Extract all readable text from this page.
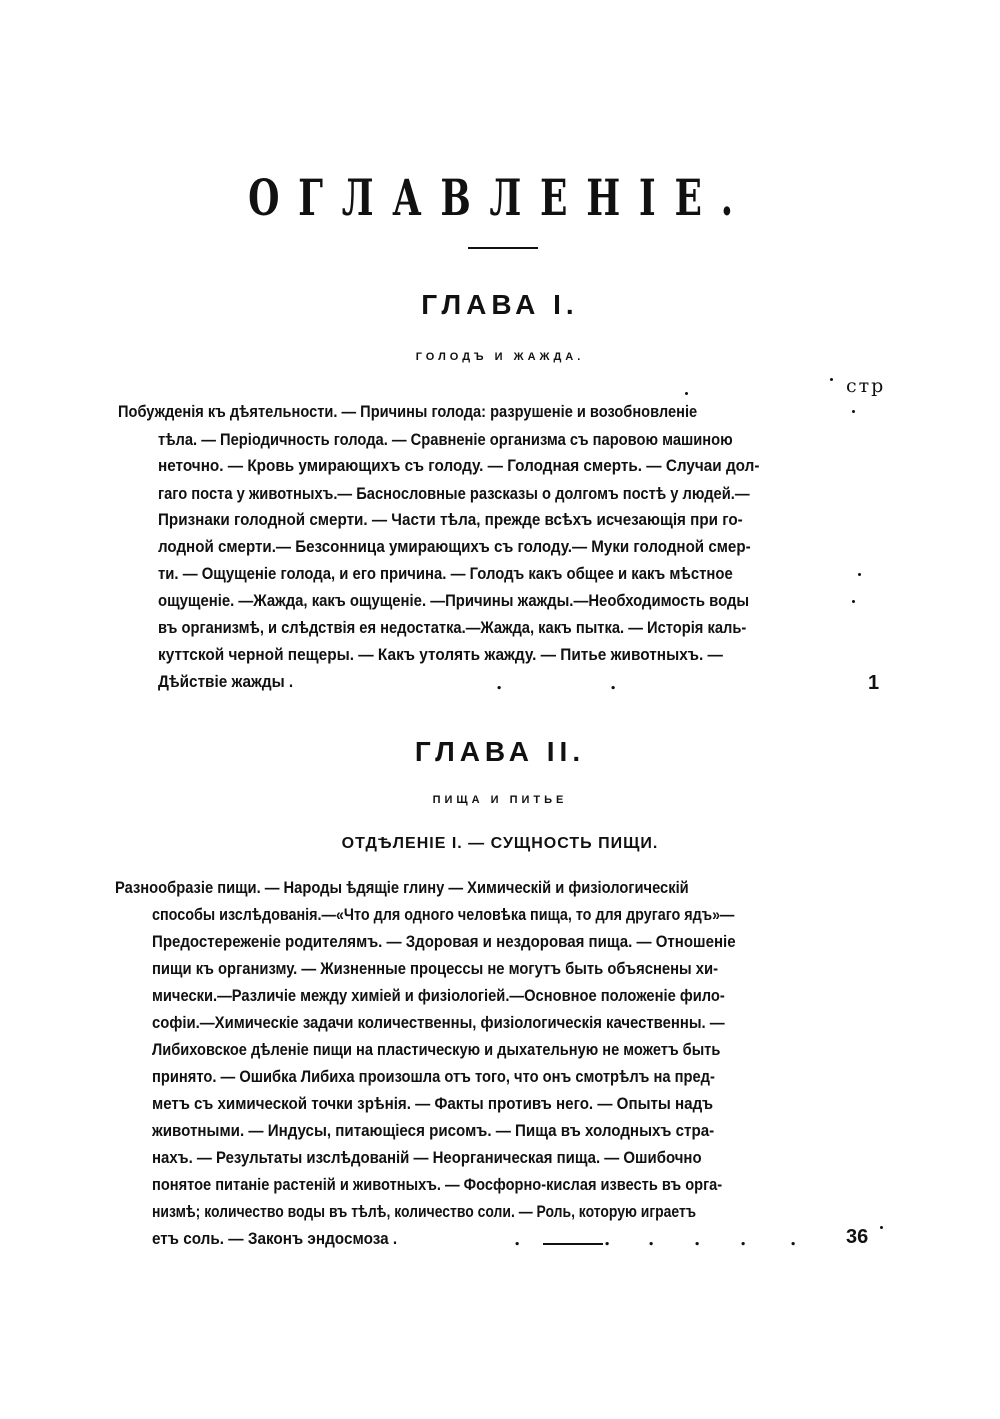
ОГЛАВЛЕНІЕ.
ГЛАВА I.
ГОЛОДЪ И ЖАЖДА.
стр
Побужденія къ дѣятельности. — Причины голода: разрушеніе и возобновленіе
тѣла. — Періодичность голода. — Сравненіе организма съ паровою машиною
неточно. — Кровь умирающихъ съ голоду. — Голодная смерть. — Случаи дол-
гаго поста у животныхъ.— Баснословные разсказы о долгомъ постѣ у людей.—
Признаки голодной смерти. — Части тѣла, прежде всѣхъ исчезающія при го-
лодной смерти.— Безсонница умирающихъ съ голоду.— Муки голодной смер-
ти. — Ощущеніе голода, и его причина. — Голодъ какъ общее и какъ мѣстное
ощущеніе. —Жажда, какъ ощущеніе. —Причины жажды.—Необходимость воды
въ организмѣ, и слѣдствія ея недостатка.—Жажда, какъ пытка. — Исторія каль-
куттской черной пещеры. — Какъ утолять жажду. — Питье животныхъ. —
Дѣйствіе жажды .	.	.	1
ГЛАВА II.
ПИЩА И ПИТЬЕ
ОТДѢЛЕНІЕ I. — СУЩНОСТЬ ПИЩИ.
Разнообразіе пищи. — Народы ѣдящіе глину — Химическій и физіологическій
способы изслѣдованія.—«Что для одного человѣка пища, то для другаго ядъ»—
Предостереженіе родителямъ. — Здоровая и нездоровая пища. — Отношеніе
пищи къ организму. — Жизненные процессы не могутъ быть объяснены хи-
мически.—Различіе между химіей и физіологіей.—Основное положеніе фило-
софіи.—Химическіе задачи количественны, физіологическія качественны. —
Либиховское дѣленіе пищи на пластическую и дыхательную не можетъ быть
принято. — Ошибка Либиха произошла отъ того, что онъ смотрѣлъ на пред-
метъ съ химической точки зрѣнія. — Факты противъ него. — Опыты надъ
животными. — Индусы, питающіеся рисомъ. — Пища въ холодныхъ стра-
нахъ. — Результаты изслѣдованій — Неорганическая пища. — Ошибочно
понятое питаніе растеній и животныхъ. — Фосфорно-кислая известь въ орга-
низмѣ; количество воды въ тѣлѣ, количество соли. — Роль, которую играетъ
етъ соль. — Законъ эндосмоза .	.	. . . . . 36
